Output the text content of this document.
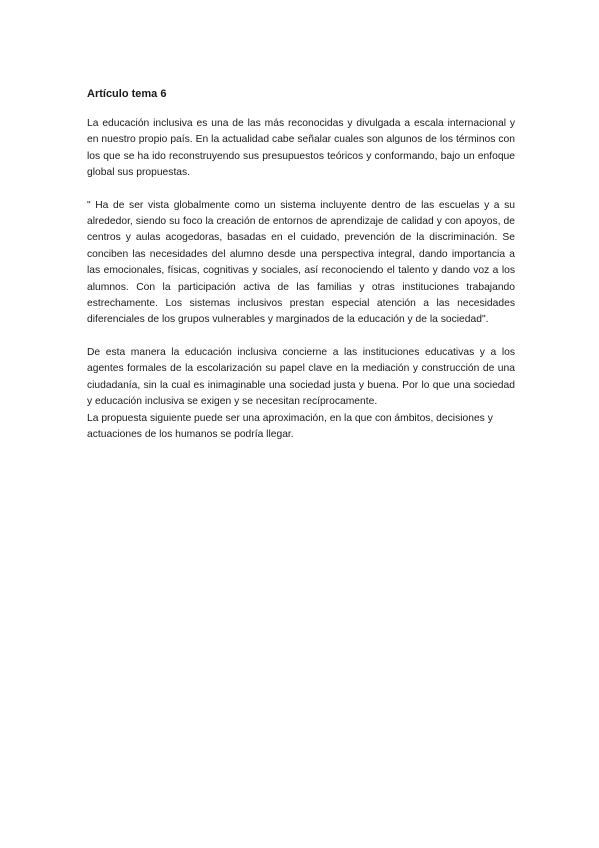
Artículo tema 6

La educación inclusiva es una de las más reconocidas y divulgada a escala internacional y en nuestro propio país. En la actualidad cabe señalar cuales son algunos de los términos con los que se ha ido reconstruyendo sus presupuestos teóricos y conformando, bajo un enfoque global sus propuestas.

" Ha de ser vista globalmente como un sistema incluyente dentro de las escuelas y a su alrededor, siendo su foco la creación de entornos de aprendizaje de calidad y con apoyos, de centros y aulas acogedoras, basadas en el cuidado, prevención de la discriminación. Se conciben las necesidades del alumno desde una perspectiva integral, dando importancia a las emocionales, físicas, cognitivas y sociales, así reconociendo el talento y dando voz a los alumnos. Con la participación activa de las familias y otras instituciones trabajando estrechamente. Los sistemas inclusivos prestan especial atención a las necesidades diferenciales de los grupos vulnerables y marginados de la educación y de la sociedad".

De esta manera la educación inclusiva concierne a las instituciones educativas y a los agentes formales de la escolarización su papel clave en la mediación y construcción de una ciudadanía, sin la cual es inimaginable una sociedad justa y buena. Por lo que una sociedad y educación inclusiva se exigen y se necesitan recíprocamente.

La propuesta siguiente puede ser una aproximación, en la que con ámbitos, decisiones y actuaciones de los humanos se podría llegar.
